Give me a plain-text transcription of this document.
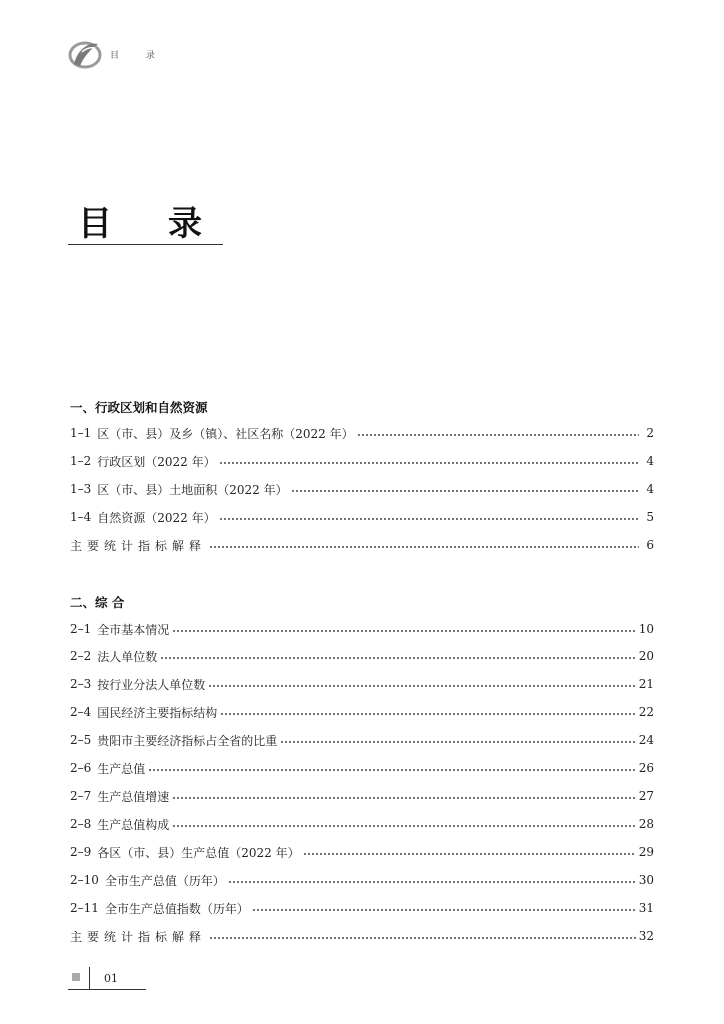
目 录
目录
一、行政区划和自然资源
1–1 区（市、县）及乡（镇）、社区名称（2022 年）	2
1–2 行政区划（2022 年）	4
1–3 区（市、县）土地面积（2022 年）	4
1–4 自然资源（2022 年）	5
主要统计指标解释	6
二、综 合
2–1 全市基本情况	10
2–2 法人单位数	20
2–3 按行业分法人单位数	21
2–4 国民经济主要指标结构	22
2–5 贵阳市主要经济指标占全省的比重	24
2–6 生产总值	26
2–7 生产总值增速	27
2–8 生产总值构成	28
2–9 各区（市、县）生产总值（2022 年）	29
2–10 全市生产总值（历年）	30
2–11 全市生产总值指数（历年）	31
主要统计指标解释	32
01
